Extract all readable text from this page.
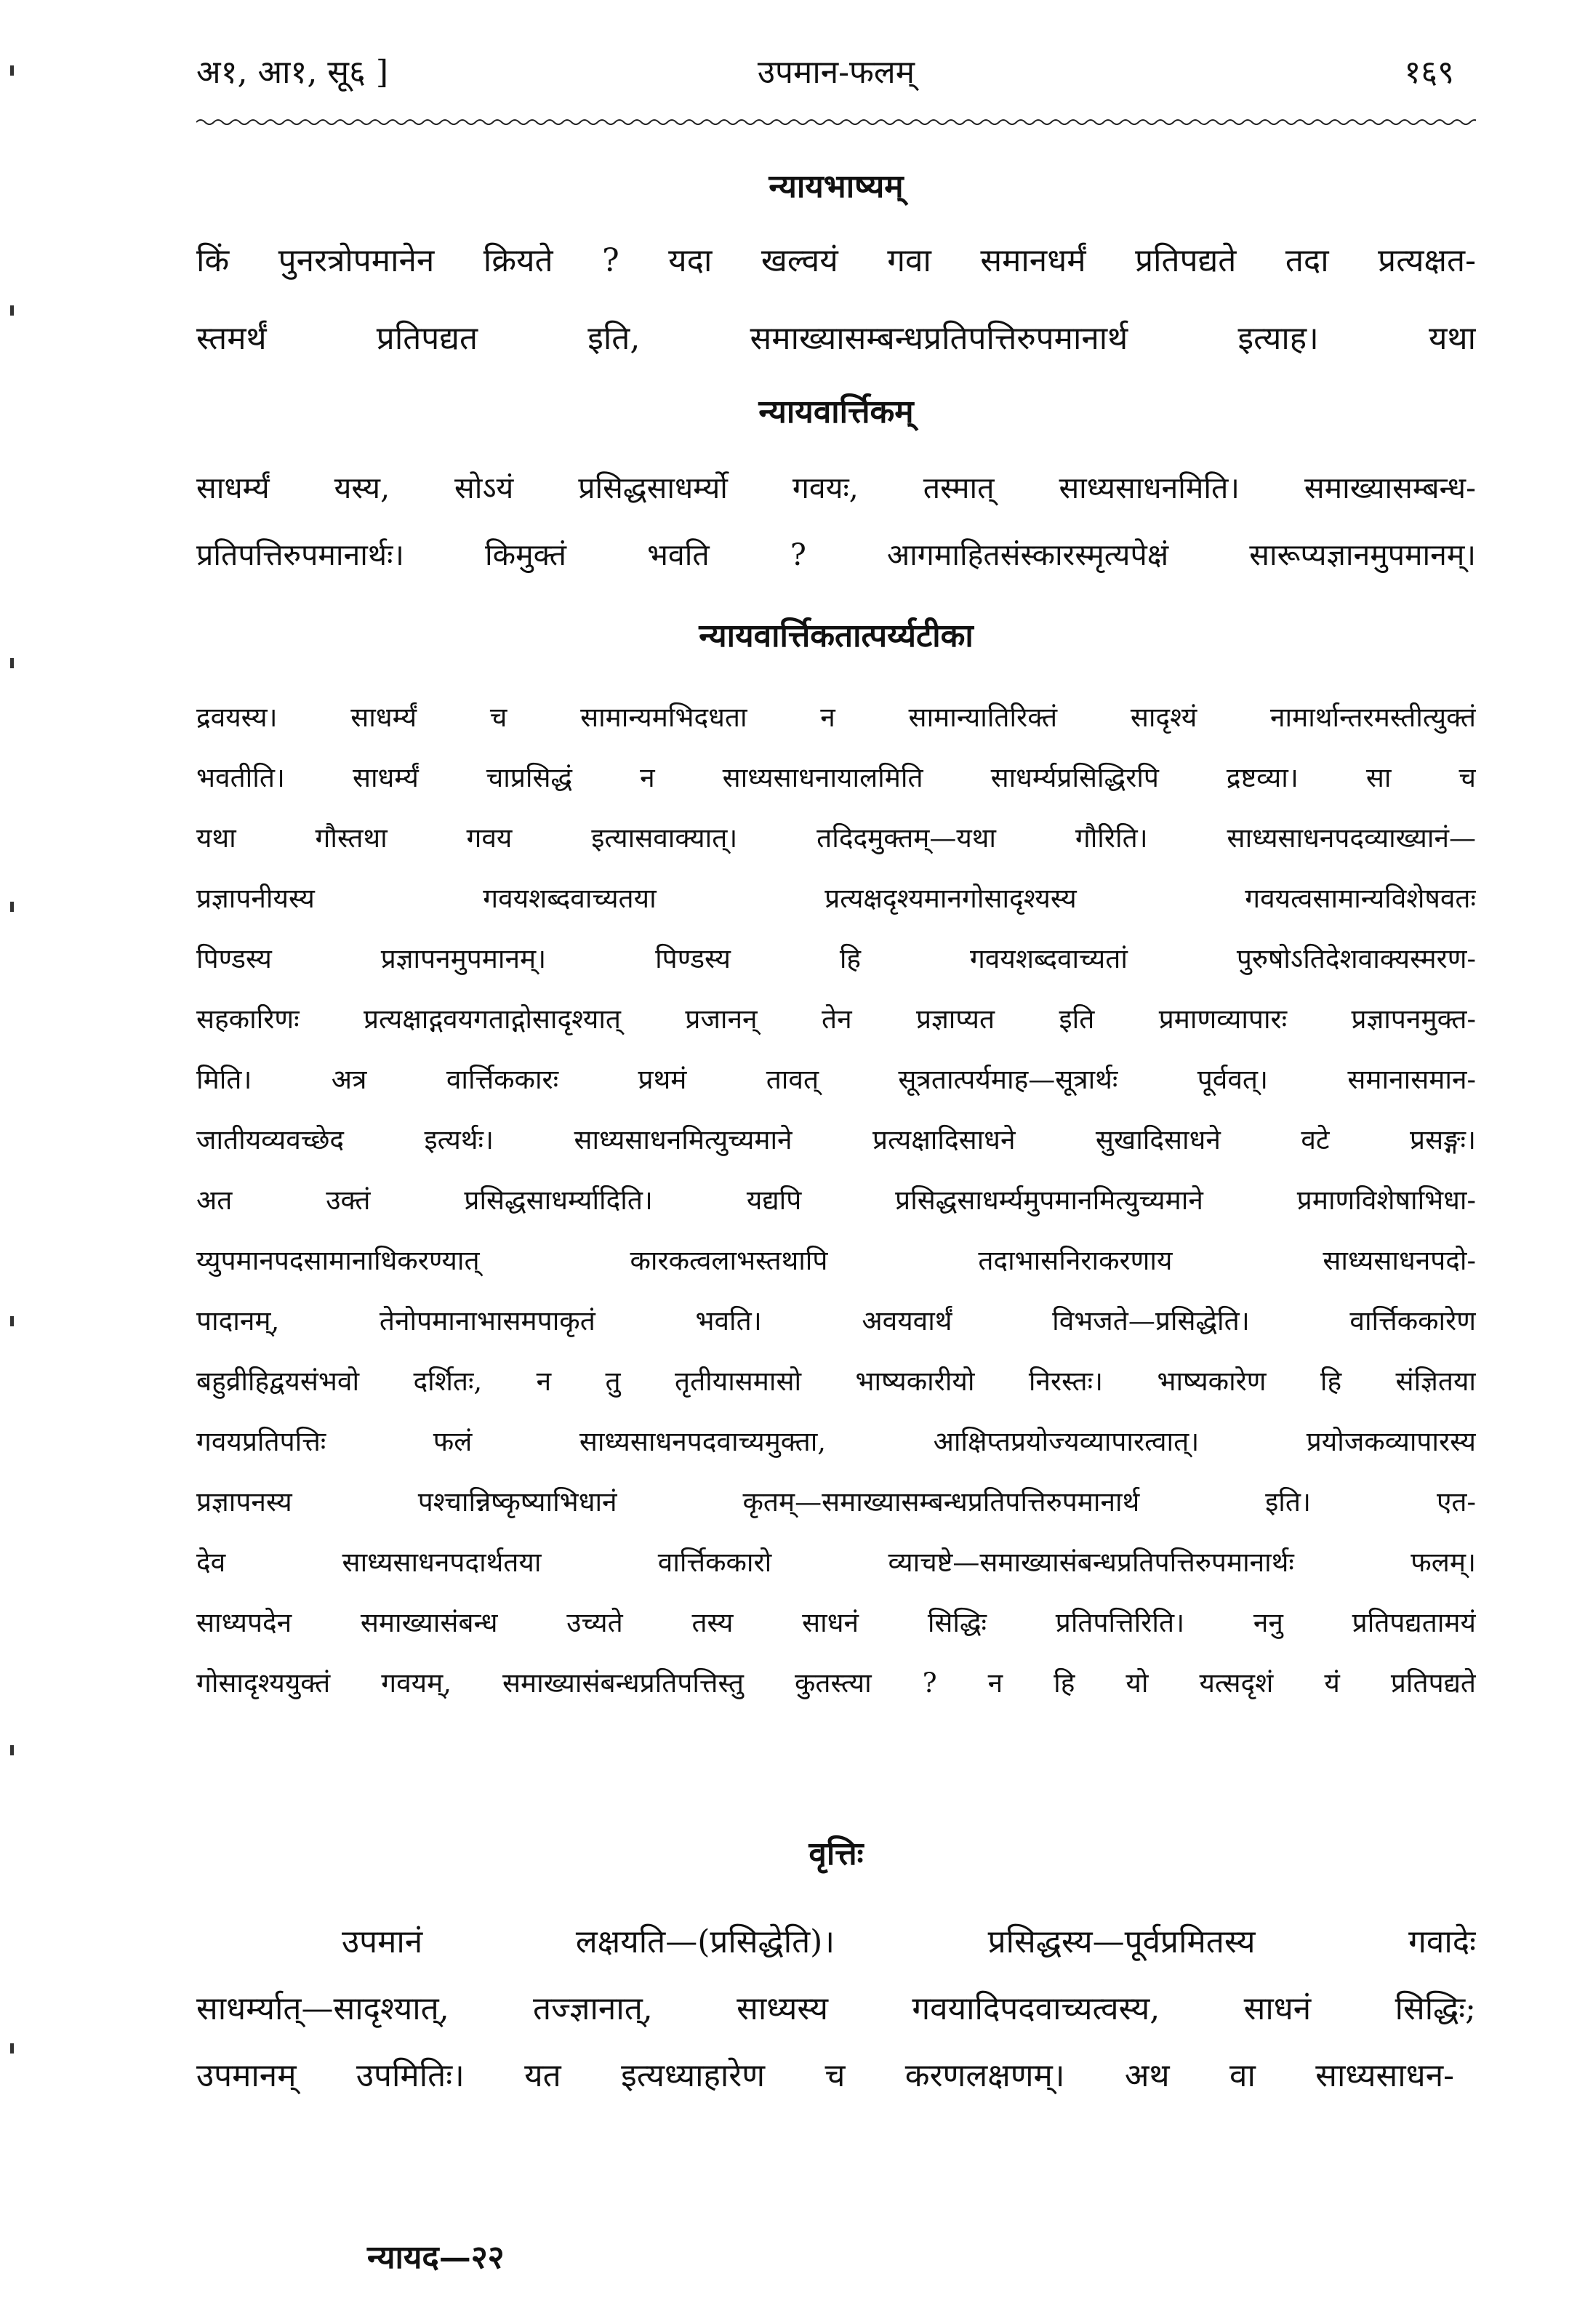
अ१, आ१, सू६ ]	उपमान-फलम्	१६९
न्यायभाष्यम्
किं पुनरत्रोपमानेन क्रियते ? यदा खल्वयं गवा समानधर्मं प्रतिपद्यते तदा प्रत्यक्षत-
स्तमर्थं प्रतिपद्यत इति, समाख्यासम्बन्धप्रतिपत्तिरुपमानार्थ इत्याह। यथा
न्यायवार्त्तिकम्
साधर्म्यं यस्य, सोऽयं प्रसिद्धसाधर्म्यो गवयः, तस्मात् साध्यसाधनमिति। समाख्यासम्बन्ध-
प्रतिपत्तिरुपमानार्थः। किमुक्तं भवति ? आगमाहितसंस्कारस्मृत्यपेक्षं सारूप्यज्ञानमुपमानम्।
न्यायवार्त्तिकतात्पर्य्यटीका
द्रवयस्य। साधर्म्यं च सामान्यमभिदधता न सामान्यातिरिक्तं सादृश्यं नामार्थान्तरमस्तीत्युक्तं
भवतीति। साधर्म्यं चाप्रसिद्धं न साध्यसाधनायालमिति साधर्म्यप्रसिद्धिरपि द्रष्टव्या। सा च
यथा गौस्तथा गवय इत्यासवाक्यात्। तदिदमुक्तम्—यथा गौरिति। साध्यसाधनपदव्याख्यानं—
प्रज्ञापनीयस्य गवयशब्दवाच्यतया प्रत्यक्षदृश्यमानगोसादृश्यस्य गवयत्वसामान्यविशेषवतः
पिण्डस्य प्रज्ञापनमुपमानम्। पिण्डस्य हि गवयशब्दवाच्यतां पुरुषोऽतिदेशवाक्यस्मरण-
सहकारिणः प्रत्यक्षाद्गवयगताद्गोसादृश्यात् प्रजानन् तेन प्रज्ञाप्यत इति प्रमाणव्यापारः प्रज्ञापनमुक्त-
मिति। अत्र वार्त्तिककारः प्रथमं तावत् सूत्रतात्पर्यमाह—सूत्रार्थः पूर्ववत्। समानासमान-
जातीयव्यवच्छेद इत्यर्थः। साध्यसाधनमित्युच्यमाने प्रत्यक्षादिसाधने सुखादिसाधने वटे प्रसङ्गः।
अत उक्तं प्रसिद्धसाधर्म्यादिति। यद्यपि प्रसिद्धसाधर्म्यमुपमानमित्युच्यमाने प्रमाणविशेषाभिधा-
य्युपमानपदसामानाधिकरण्यात् कारकत्वलाभस्तथापि तदाभासनिराकरणाय साध्यसाधनपदो-
पादानम्, तेनोपमानाभासमपाकृतं भवति। अवयवार्थं विभजते—प्रसिद्धेति। वार्त्तिककारेण
बहुव्रीहिद्वयसंभवो दर्शितः, न तु तृतीयासमासो भाष्यकारीयो निरस्तः। भाष्यकारेण हि संज्ञितया
गवयप्रतिपत्तिः फलं साध्यसाधनपदवाच्यमुक्ता, आक्षिप्तप्रयोज्यव्यापारत्वात्। प्रयोजकव्यापारस्य
प्रज्ञापनस्य पश्चान्निष्कृष्याभिधानं कृतम्—समाख्यासम्बन्धप्रतिपत्तिरुपमानार्थ इति। एत-
देव साध्यसाधनपदार्थतया वार्त्तिककारो व्याचष्टे—समाख्यासंबन्धप्रतिपत्तिरुपमानार्थः फलम्।
साध्यपदेन समाख्यासंबन्ध उच्यते तस्य साधनं सिद्धिः प्रतिपत्तिरिति। ननु प्रतिपद्यतामयं
गोसादृश्ययुक्तं गवयम्, समाख्यासंबन्धप्रतिपत्तिस्तु कुतस्त्या ? न हि यो यत्सदृशं यं प्रतिपद्यते
वृत्तिः
उपमानं लक्षयति—(प्रसिद्धेति)। प्रसिद्धस्य—पूर्वप्रमितस्य गवादेः
साधर्म्यात्—सादृश्यात्, तज्ज्ञानात्, साध्यस्य गवयादिपदवाच्यत्वस्य, साधनं सिद्धिः;
उपमानम् उपमितिः। यत इत्यध्याहारेण च करणलक्षणम्। अथ वा साध्यसाधन-
न्यायद—२२
